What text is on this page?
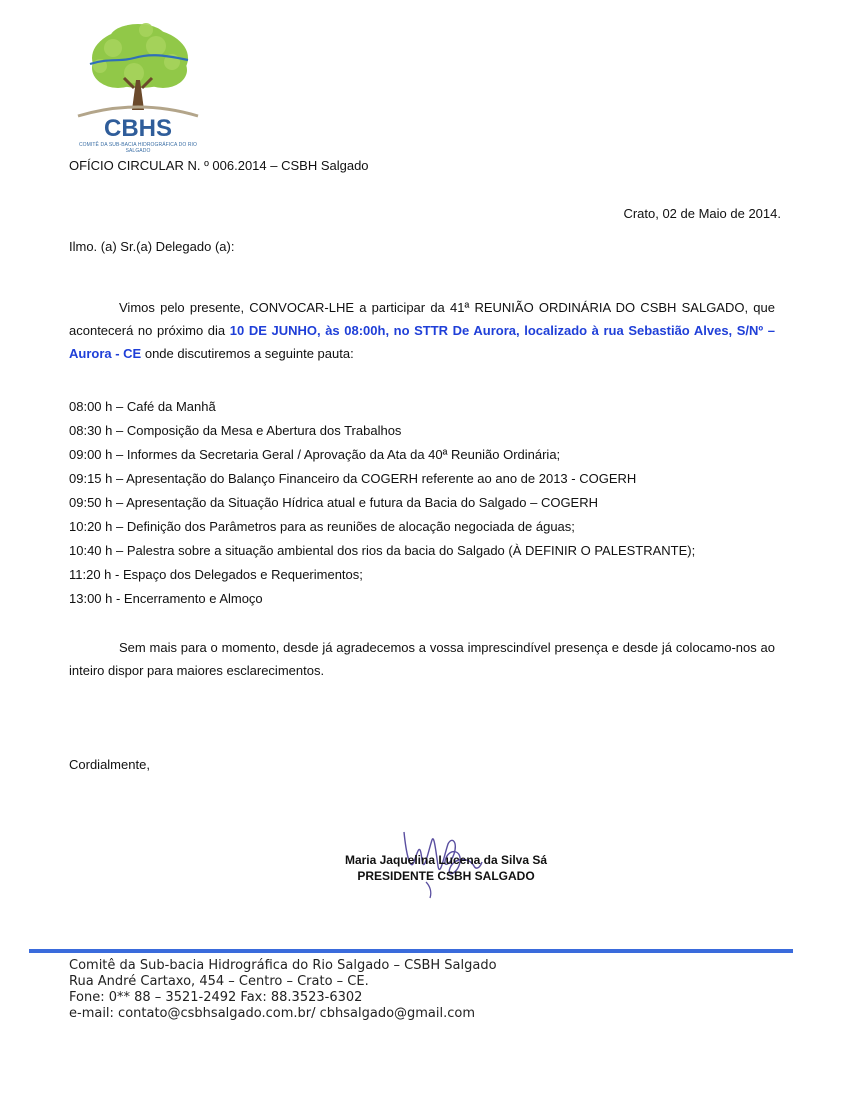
CBHS
COMITÊ DA SUB-BACIA HIDROGRÁFICA DO RIO SALGADO
OFÍCIO CIRCULAR N. º 006.2014 – CSBH Salgado
Crato, 02 de Maio de 2014.
Ilmo. (a) Sr.(a) Delegado (a):
Vimos pelo presente, CONVOCAR-LHE a participar da 41ª REUNIÃO ORDINÁRIA DO CSBH SALGADO, que acontecerá no próximo dia 10 DE JUNHO, às 08:00h, no STTR De Aurora, localizado à rua Sebastião Alves, S/Nº – Aurora - CE onde discutiremos a seguinte pauta:
08:00 h – Café da Manhã
08:30 h – Composição da Mesa e Abertura dos Trabalhos
09:00 h – Informes da Secretaria Geral / Aprovação da Ata da 40ª Reunião Ordinária;
09:15 h – Apresentação do Balanço Financeiro da COGERH referente ao ano de 2013 - COGERH
09:50 h – Apresentação da Situação Hídrica atual e futura da Bacia do Salgado – COGERH
10:20 h – Definição dos Parâmetros para as reuniões de alocação negociada de águas;
10:40 h – Palestra sobre a situação ambiental dos rios da bacia do Salgado (À DEFINIR O PALESTRANTE);
11:20 h - Espaço dos Delegados e Requerimentos;
13:00 h - Encerramento e Almoço
Sem mais para o momento, desde já agradecemos a vossa imprescindível presença e desde já colocamo-nos ao inteiro dispor para maiores esclarecimentos.
Cordialmente,
Maria Jaquelina Lucena da Silva Sá
PRESIDENTE CSBH SALGADO
Comitê da Sub-bacia Hidrográfica do Rio Salgado – CSBH Salgado
Rua André Cartaxo, 454 – Centro – Crato – CE.
Fone: 0** 88 – 3521-2492 Fax: 88.3523-6302
e-mail: contato@csbhsalgado.com.br/ cbhsalgado@gmail.com
